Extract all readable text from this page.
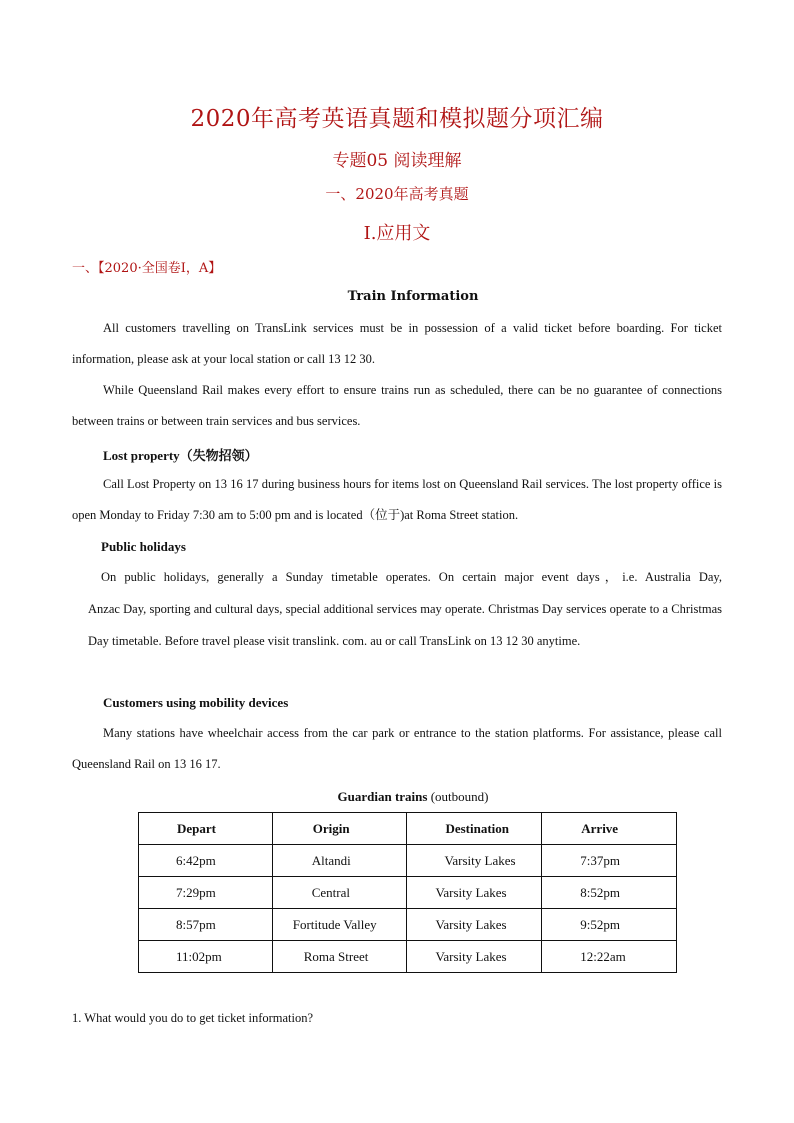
2020年高考英语真题和模拟题分项汇编
专题05 阅读理解
一、2020年高考真题
I.应用文
一、【2020·全国卷I，A】
Train Information
All customers travelling on TransLink services must be in possession of a valid ticket before boarding. For ticket information, please ask at your local station or call 13 12 30.
While Queensland Rail makes every effort to ensure trains run as scheduled, there can be no guarantee of connections between trains or between train services and bus services.
Lost property（失物招领）
Call Lost Property on 13 16 17 during business hours for items lost on Queensland Rail services. The lost property office is open Monday to Friday 7:30 am to 5:00 pm and is located（位于)at Roma Street station.
Public holidays
On public holidays, generally a Sunday timetable operates. On certain major event days，i.e. Australia Day,
Anzac Day, sporting and cultural days, special additional services may operate. Christmas Day services operate to a Christmas Day timetable. Before travel please visit translink. com. au or call TransLink on 13 12 30 anytime.
Customers using mobility devices
Many stations have wheelchair access from the car park or entrance to the station platforms. For assistance, please call Queensland Rail on 13 16 17.
Guardian trains (outbound)
Depart	Origin	Destination	Arrive
6:42pm	Altandi	Varsity Lakes	7:37pm
7:29pm	Central	Varsity Lakes	8:52pm
8:57pm	Fortitude Valley	Varsity Lakes	9:52pm
11:02pm	Roma Street	Varsity Lakes	12:22am
1. What would you do to get ticket information?
